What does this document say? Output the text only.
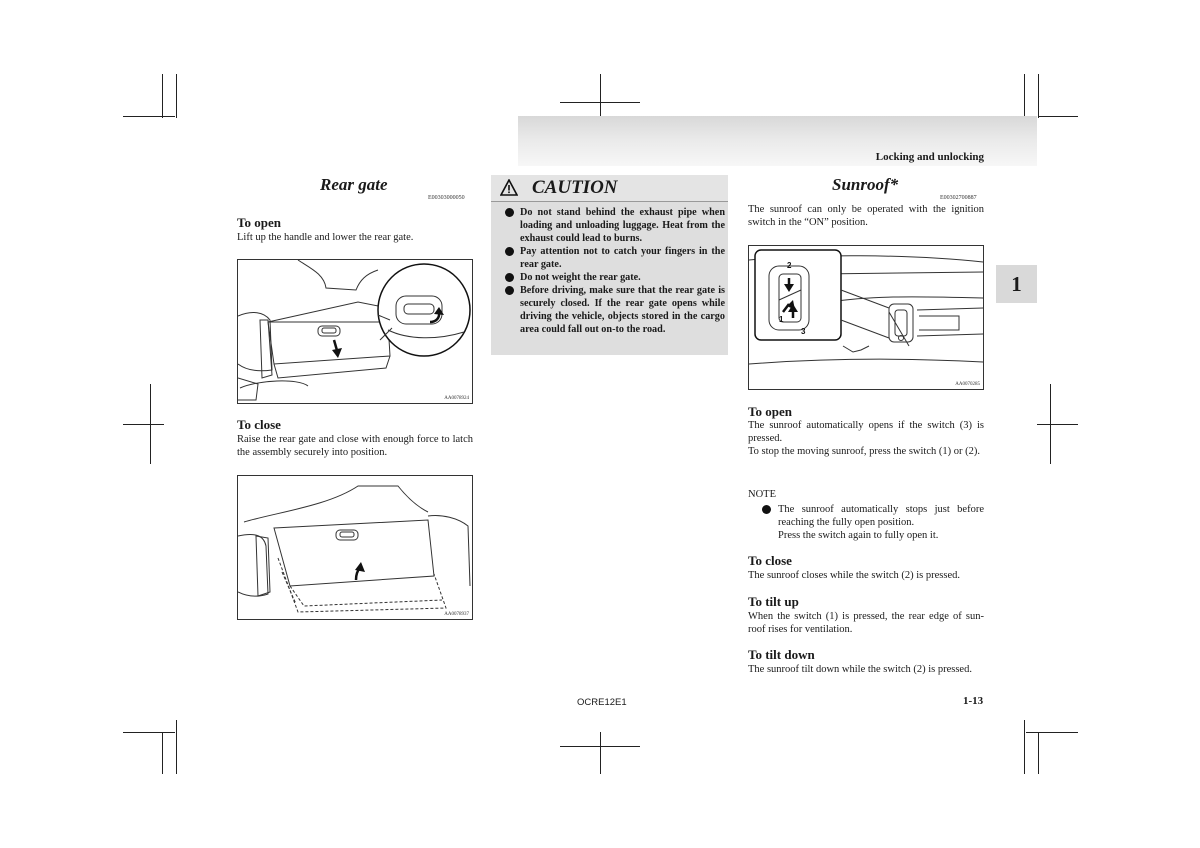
Locking and unlocking
1
Rear gate
E00303000050
To open
Lift up the handle and lower the rear gate.
AA0078924
To close
Raise the rear gate and close with enough force to latch the assembly securely into position.
AA0078937
CAUTION
Do not stand behind the exhaust pipe when loading and unloading luggage. Heat from the exhaust could lead to burns.
Pay attention not to catch your fingers in the rear gate.
Do not weight the rear gate.
Before driving, make sure that the rear gate is securely closed. If the rear gate opens while driving the vehicle, objects stored in the cargo area could fall out on-to the road.
Sunroof*
E00302700887
The sunroof can only be operated with the ignition switch in the “ON” position.
2
1
3
AA0070285
To open
The sunroof automatically opens if the switch (3) is pressed.
To stop the moving sunroof, press the switch (1) or (2).
NOTE
The sunroof automatically stops just before reaching the fully open position.
Press the switch again to fully open it.
To close
The sunroof closes while the switch (2) is pressed.
To tilt up
When the switch (1) is pressed, the rear edge of sun-roof rises for ventilation.
To tilt down
The sunroof tilt down while the switch (2) is pressed.
OCRE12E1	1-13
